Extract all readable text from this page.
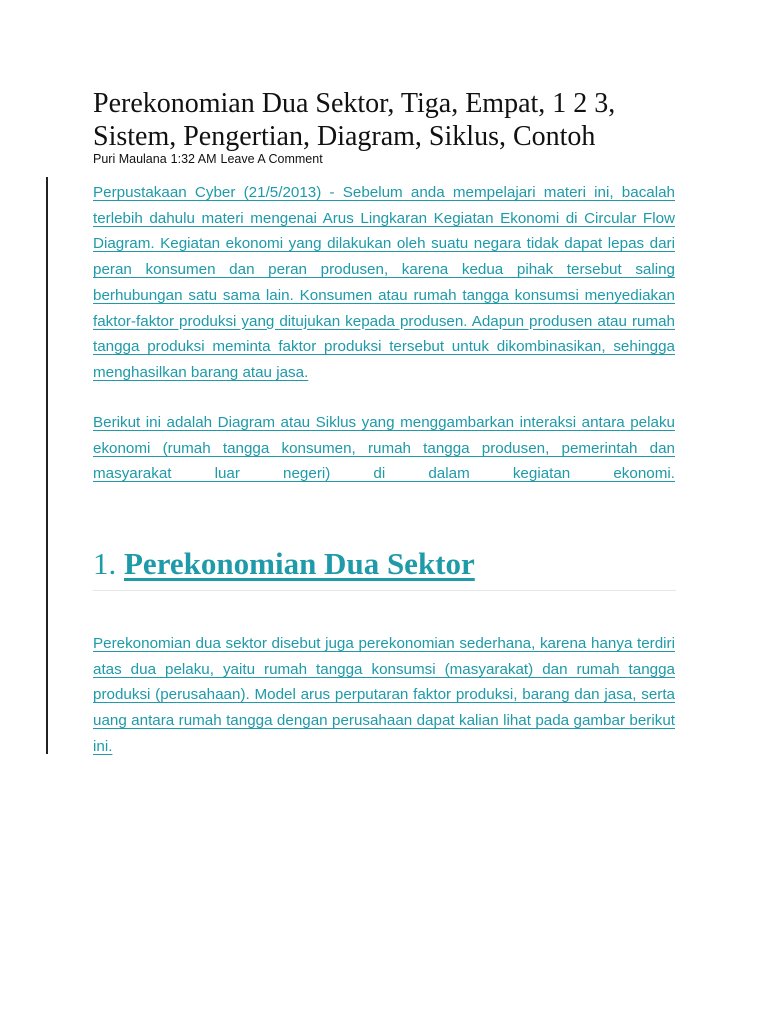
Perekonomian Dua Sektor, Tiga, Empat, 1 2 3, Sistem, Pengertian, Diagram, Siklus, Contoh
Puri Maulana 1:32 AM Leave A Comment

Perpustakaan Cyber (21/5/2013) - Sebelum anda mempelajari materi ini, bacalah terlebih dahulu materi mengenai Arus Lingkaran Kegiatan Ekonomi di Circular Flow Diagram. Kegiatan ekonomi yang dilakukan oleh suatu negara tidak dapat lepas dari peran konsumen dan peran produsen, karena kedua pihak tersebut saling berhubungan satu sama lain. Konsumen atau rumah tangga konsumsi menyediakan faktor-faktor produksi yang ditujukan kepada produsen. Adapun produsen atau rumah tangga produksi meminta faktor produksi tersebut untuk dikombinasikan, sehingga menghasilkan barang atau jasa.

Berikut ini adalah Diagram atau Siklus yang menggambarkan interaksi antara pelaku ekonomi (rumah tangga konsumen, rumah tangga produsen, pemerintah dan masyarakat luar negeri) di dalam kegiatan ekonomi.

1. Perekonomian Dua Sektor

Perekonomian dua sektor disebut juga perekonomian sederhana, karena hanya terdiri atas dua pelaku, yaitu rumah tangga konsumsi (masyarakat) dan rumah tangga produksi (perusahaan). Model arus perputaran faktor produksi, barang dan jasa, serta uang antara rumah tangga dengan perusahaan dapat kalian lihat pada gambar berikut ini.
